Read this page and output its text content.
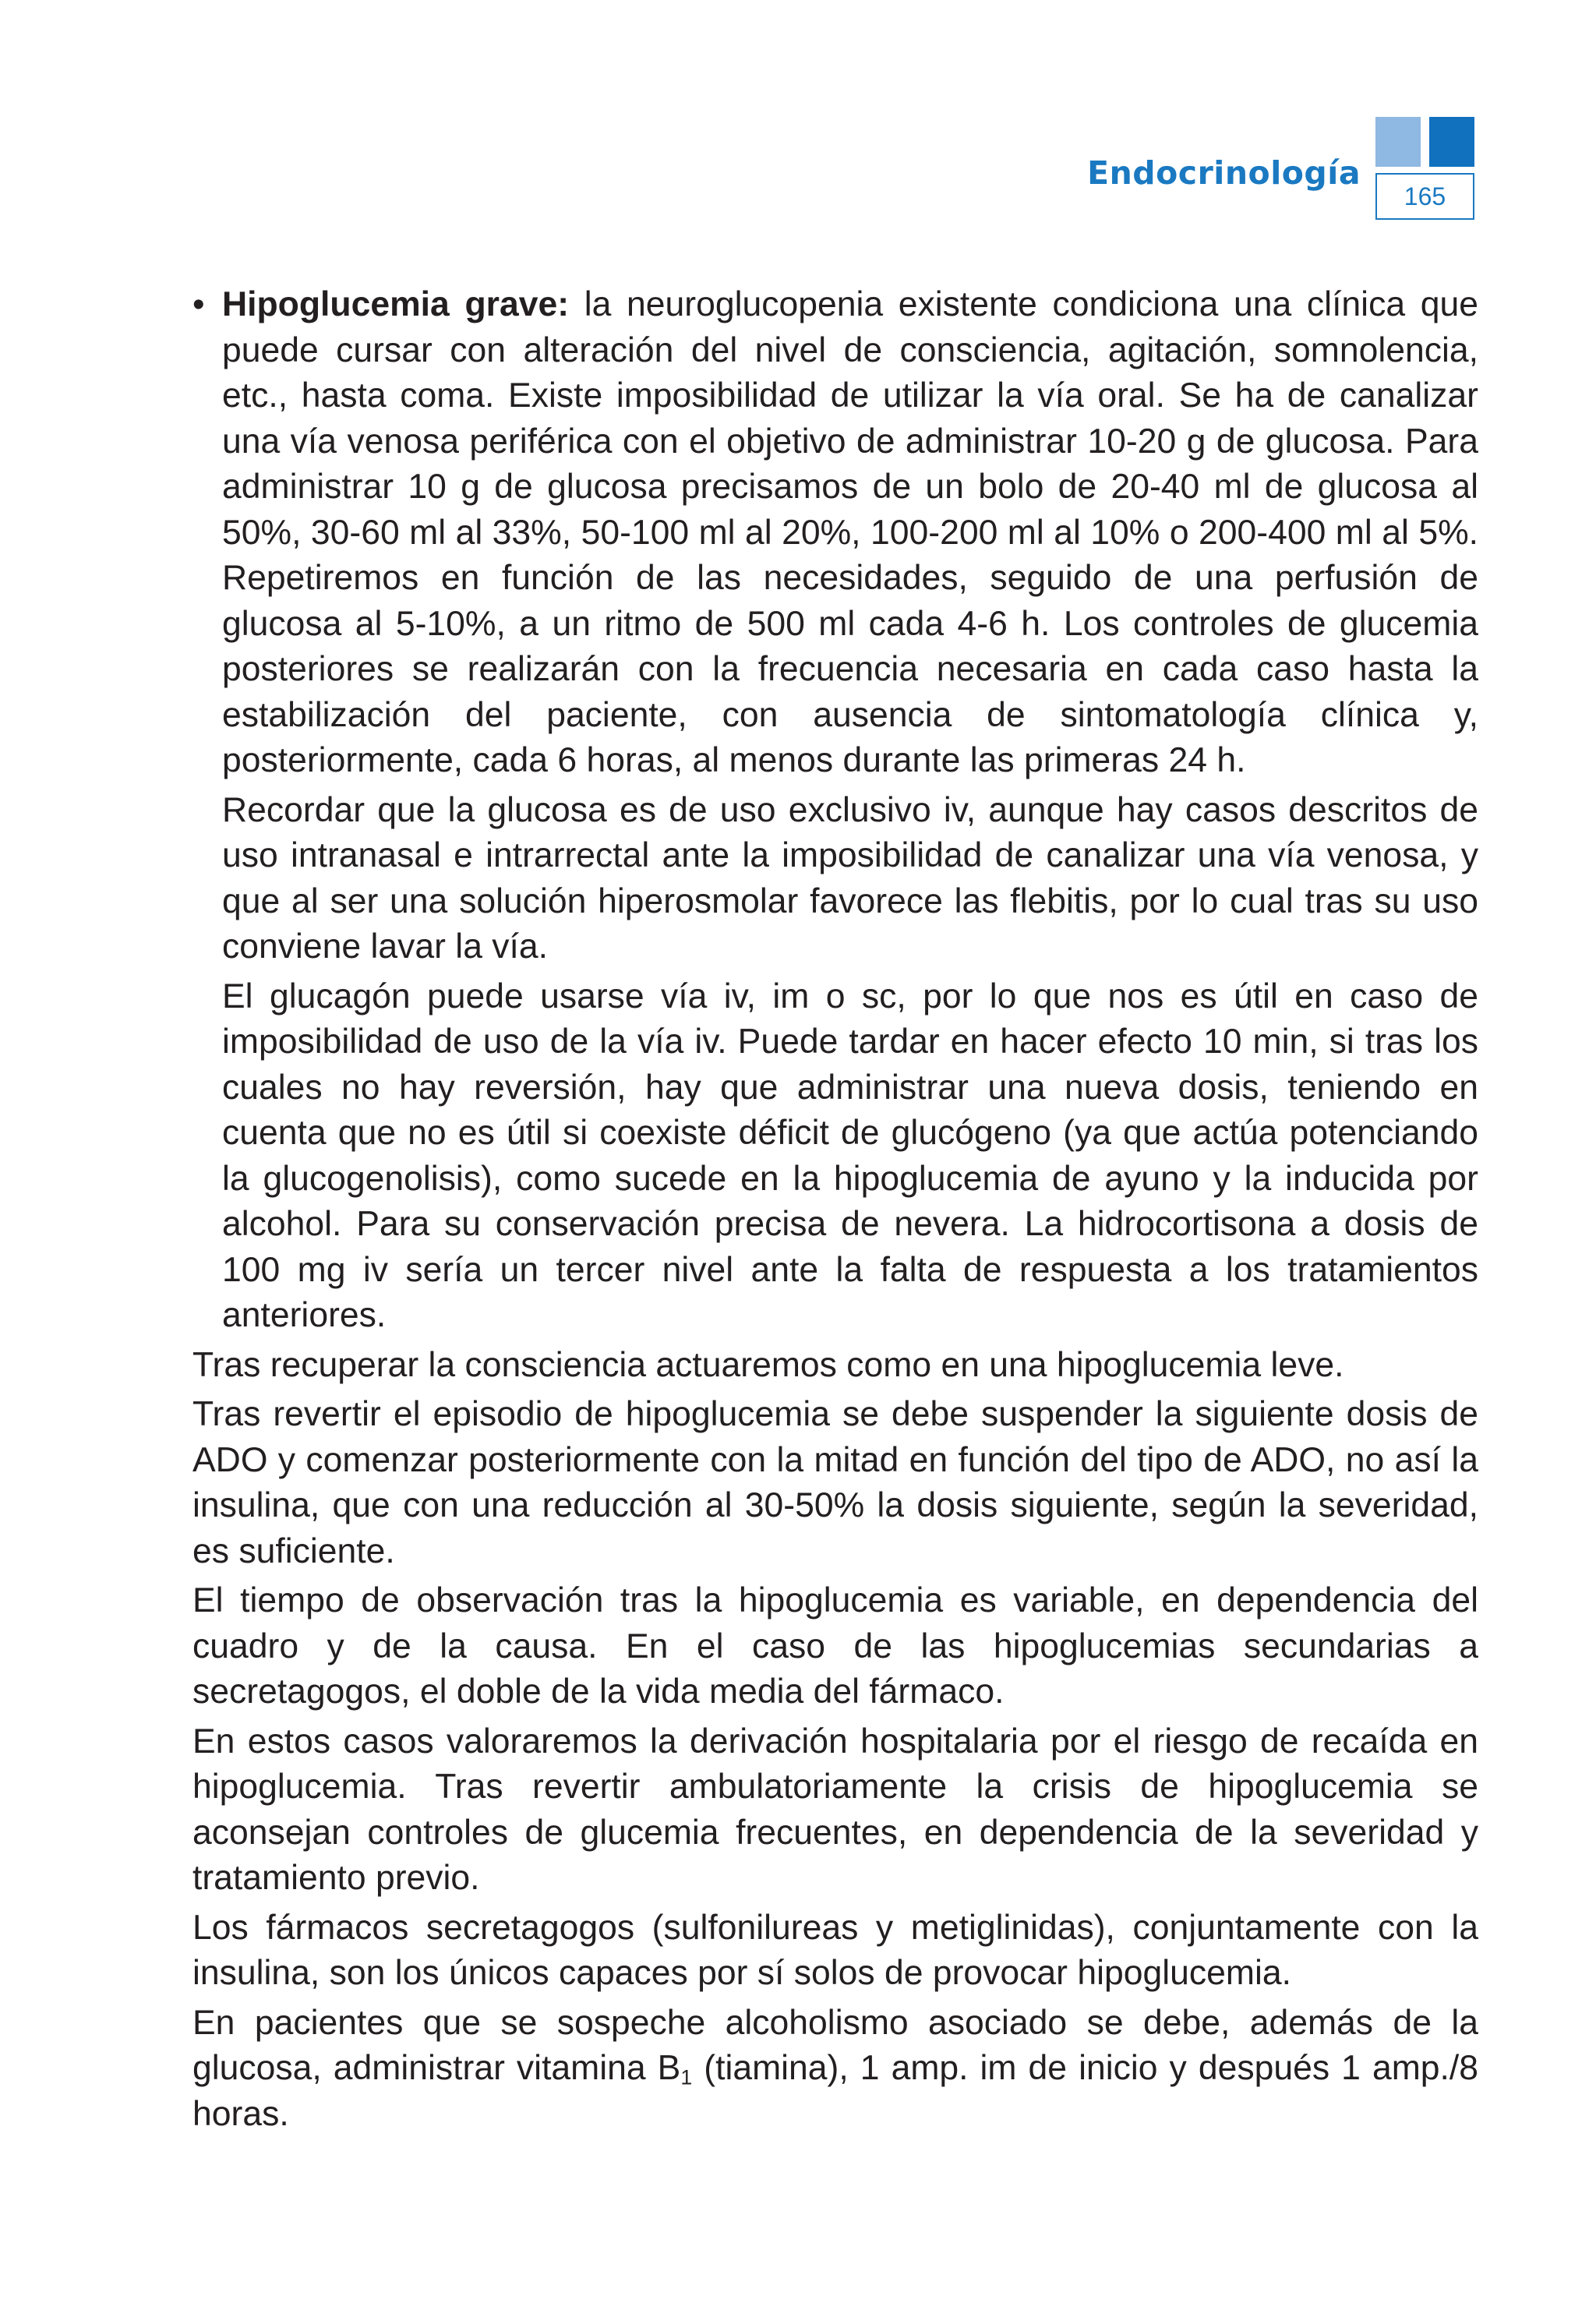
Endocrinología
165
• Hipoglucemia grave: la neuroglucopenia existente condiciona una clínica que puede cursar con alteración del nivel de consciencia, agitación, somnolencia, etc., hasta coma. Existe imposibilidad de utilizar la vía oral. Se ha de canalizar una vía venosa periférica con el objetivo de administrar 10-20 g de glucosa. Para administrar 10 g de glucosa precisamos de un bolo de 20-40 ml de glucosa al 50%, 30-60 ml al 33%, 50-100 ml al 20%, 100-200 ml al 10% o 200-400 ml al 5%. Repetiremos en función de las necesidades, seguido de una perfusión de glucosa al 5-10%, a un ritmo de 500 ml cada 4-6 h. Los controles de glucemia posteriores se realizarán con la frecuencia necesaria en cada caso hasta la estabilización del paciente, con ausencia de sintomatología clínica y, posteriormente, cada 6 horas, al menos durante las primeras 24 h.

Recordar que la glucosa es de uso exclusivo iv, aunque hay casos descritos de uso intranasal e intrarrectal ante la imposibilidad de canalizar una vía venosa, y que al ser una solución hiperosmolar favorece las flebitis, por lo cual tras su uso conviene lavar la vía.

El glucagón puede usarse vía iv, im o sc, por lo que nos es útil en caso de imposibilidad de uso de la vía iv. Puede tardar en hacer efecto 10 min, si tras los cuales no hay reversión, hay que administrar una nueva dosis, teniendo en cuenta que no es útil si coexiste déficit de glucógeno (ya que actúa potenciando la glucogenolisis), como sucede en la hipoglucemia de ayuno y la inducida por alcohol. Para su conservación precisa de nevera. La hidrocortisona a dosis de 100 mg iv sería un tercer nivel ante la falta de respuesta a los tratamientos anteriores.

Tras recuperar la consciencia actuaremos como en una hipoglucemia leve.

Tras revertir el episodio de hipoglucemia se debe suspender la siguiente dosis de ADO y comenzar posteriormente con la mitad en función del tipo de ADO, no así la insulina, que con una reducción al 30-50% la dosis siguiente, según la severidad, es suficiente.

El tiempo de observación tras la hipoglucemia es variable, en dependencia del cuadro y de la causa. En el caso de las hipoglucemias secundarias a secretagogos, el doble de la vida media del fármaco.

En estos casos valoraremos la derivación hospitalaria por el riesgo de recaída en hipoglucemia. Tras revertir ambulatoriamente la crisis de hipoglucemia se aconsejan controles de glucemia frecuentes, en dependencia de la severidad y tratamiento previo.

Los fármacos secretagogos (sulfonilureas y metiglinidas), conjuntamente con la insulina, son los únicos capaces por sí solos de provocar hipoglucemia.

En pacientes que se sospeche alcoholismo asociado se debe, además de la glucosa, administrar vitamina $B_1$ (tiamina), 1 amp. im de inicio y después 1 amp./8 horas.
